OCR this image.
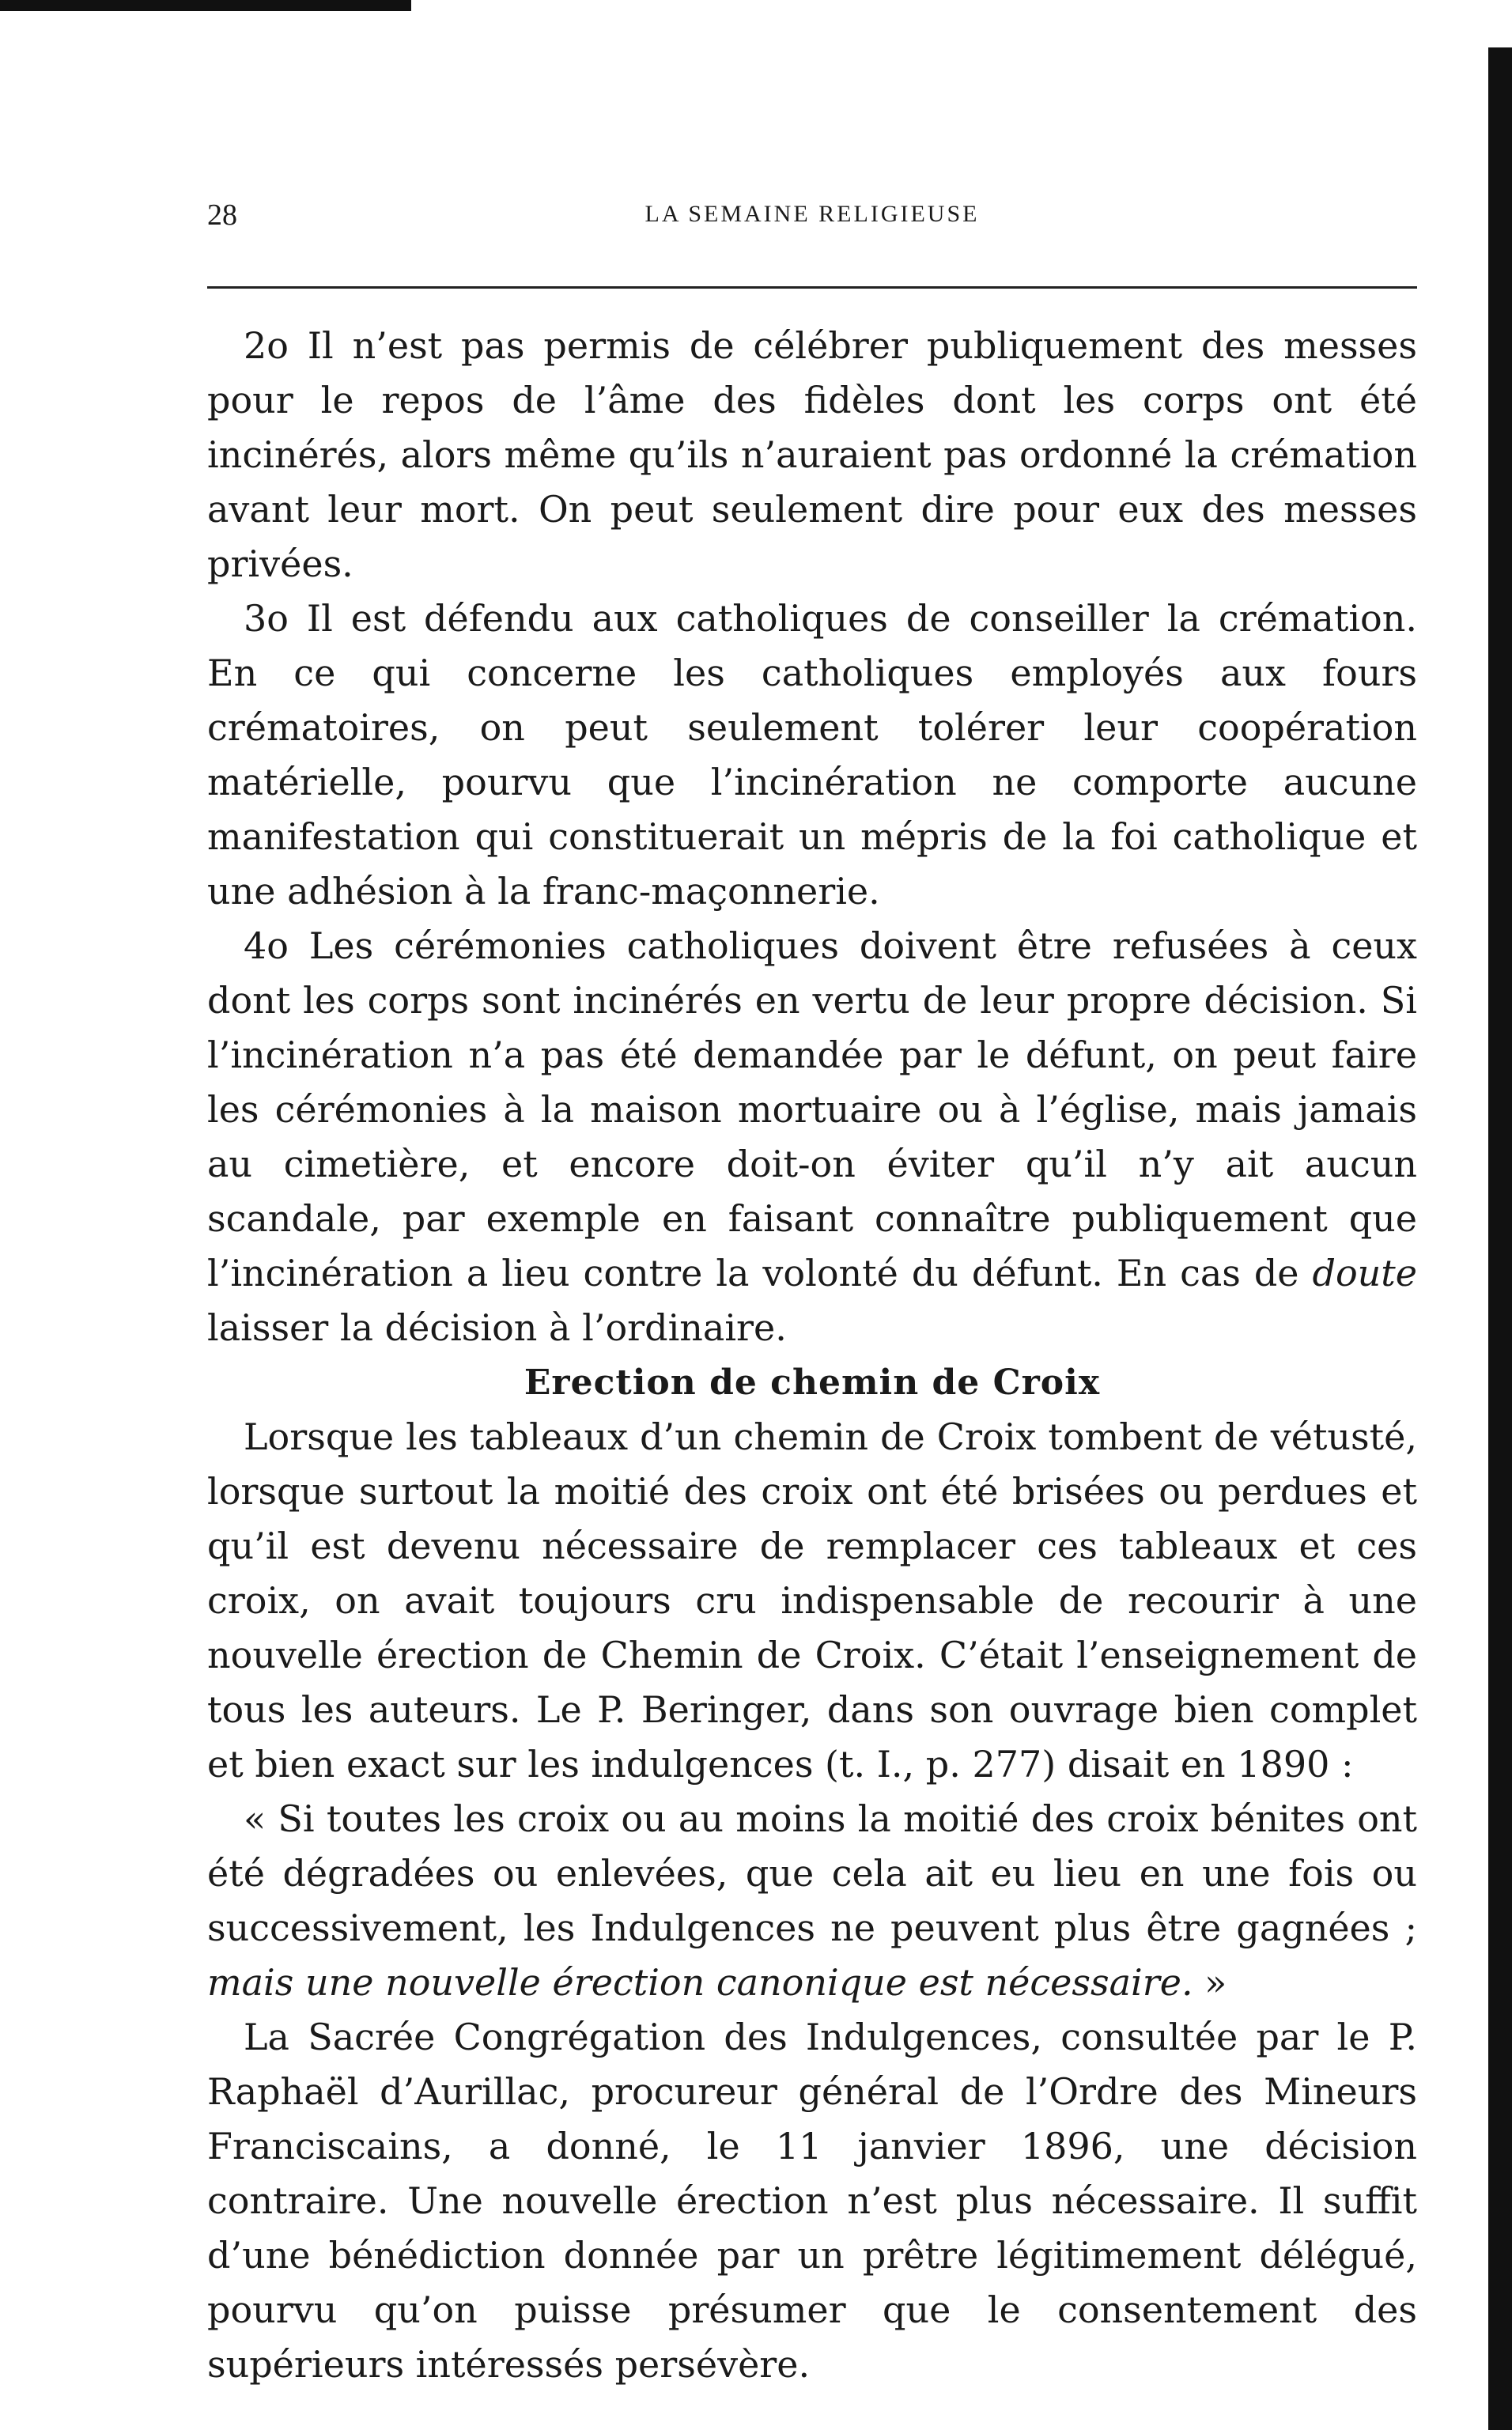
28	LA SEMAINE RELIGIEUSE

2o Il n’est pas permis de célébrer publiquement des messes pour le repos de l’âme des fidèles dont les corps ont été incinérés, alors même qu’ils n’auraient pas ordonné la crémation avant leur mort. On peut seulement dire pour eux des messes privées.

3o Il est défendu aux catholiques de conseiller la crémation. En ce qui concerne les catholiques employés aux fours crématoires, on peut seulement tolérer leur coopération matérielle, pourvu que l’incinération ne comporte aucune manifestation qui constituerait un mépris de la foi catholique et une adhésion à la franc-maçonnerie.

4o Les cérémonies catholiques doivent être refusées à ceux dont les corps sont incinérés en vertu de leur propre décision. Si l’incinération n’a pas été demandée par le défunt, on peut faire les cérémonies à la maison mortuaire ou à l’église, mais jamais au cimetière, et encore doit-on éviter qu’il n’y ait aucun scandale, par exemple en faisant connaître publiquement que l’incinération a lieu contre la volonté du défunt. En cas de doute laisser la décision à l’ordinaire.

Erection de chemin de Croix

Lorsque les tableaux d’un chemin de Croix tombent de vétusté, lorsque surtout la moitié des croix ont été brisées ou perdues et qu’il est devenu nécessaire de remplacer ces tableaux et ces croix, on avait toujours cru indispensable de recourir à une nouvelle érection de Chemin de Croix. C’était l’enseignement de tous les auteurs. Le P. Beringer, dans son ouvrage bien complet et bien exact sur les indulgences (t. I., p. 277) disait en 1890 :

« Si toutes les croix ou au moins la moitié des croix bénites ont été dégradées ou enlevées, que cela ait eu lieu en une fois ou successivement, les Indulgences ne peuvent plus être gagnées ; mais une nouvelle érection canonique est nécessaire. »

La Sacrée Congrégation des Indulgences, consultée par le P. Raphaël d’Aurillac, procureur général de l’Ordre des Mineurs Franciscains, a donné, le 11 janvier 1896, une décision contraire. Une nouvelle érection n’est plus nécessaire. Il suffit d’une bénédiction donnée par un prêtre légitimement délégué, pourvu qu’on puisse présumer que le consentement des supérieurs intéressés persévère.
